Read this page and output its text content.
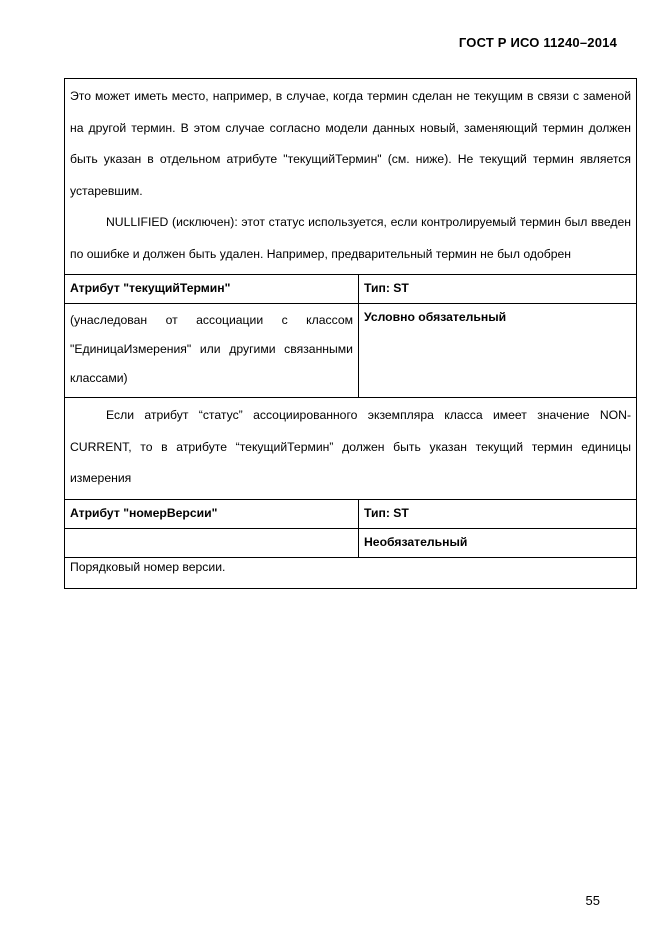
ГОСТ Р ИСО 11240–2014

Это может иметь место, например, в случае, когда термин сделан не текущим в связи с заменой на другой термин. В этом случае согласно модели данных новый, заменяющий термин должен быть указан в отдельном атрибуте "текущийТермин" (см. ниже). Не текущий термин является устаревшим.

NULLIFIED (исключен): этот статус используется, если контролируемый термин был введен по ошибке и должен быть удален. Например, предварительный термин не был одобрен	

Атрибут "текущийТермин"	Тип: ST

(унаследован от ассоциации с классом "ЕдиницаИзмерения" или другими связанными классами)	Условно обязательный

Если атрибут “статус” ассоциированного экземпляра класса имеет значение NON-CURRENT, то в атрибуте “текущийТермин” должен быть указан текущий термин единицы измерения	

Атрибут "номерВерсии"	Тип: ST
	Необязательный
Порядковый номер версии.	
55
